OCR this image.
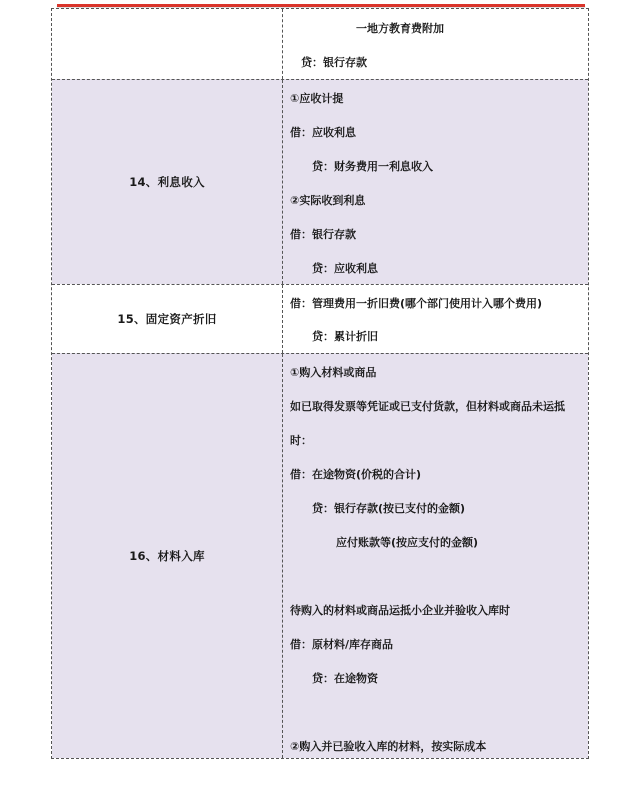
一地方教育费附加
贷：银行存款
14、利息收入
①应收计提
借：应收利息
贷：财务费用一利息收入
②实际收到利息
借：银行存款
贷：应收利息
15、固定资产折旧
借：管理费用一折旧费(哪个部门使用计入哪个费用)
贷：累计折旧
16、材料入库
①购入材料或商品
如已取得发票等凭证或已支付货款，但材料或商品未运抵
时：
借：在途物资(价税的合计)
贷：银行存款(按已支付的金额)
应付账款等(按应支付的金额)
待购入的材料或商品运抵小企业并验收入库时
借：原材料/库存商品
贷：在途物资
②购入并已验收入库的材料，按实际成本
